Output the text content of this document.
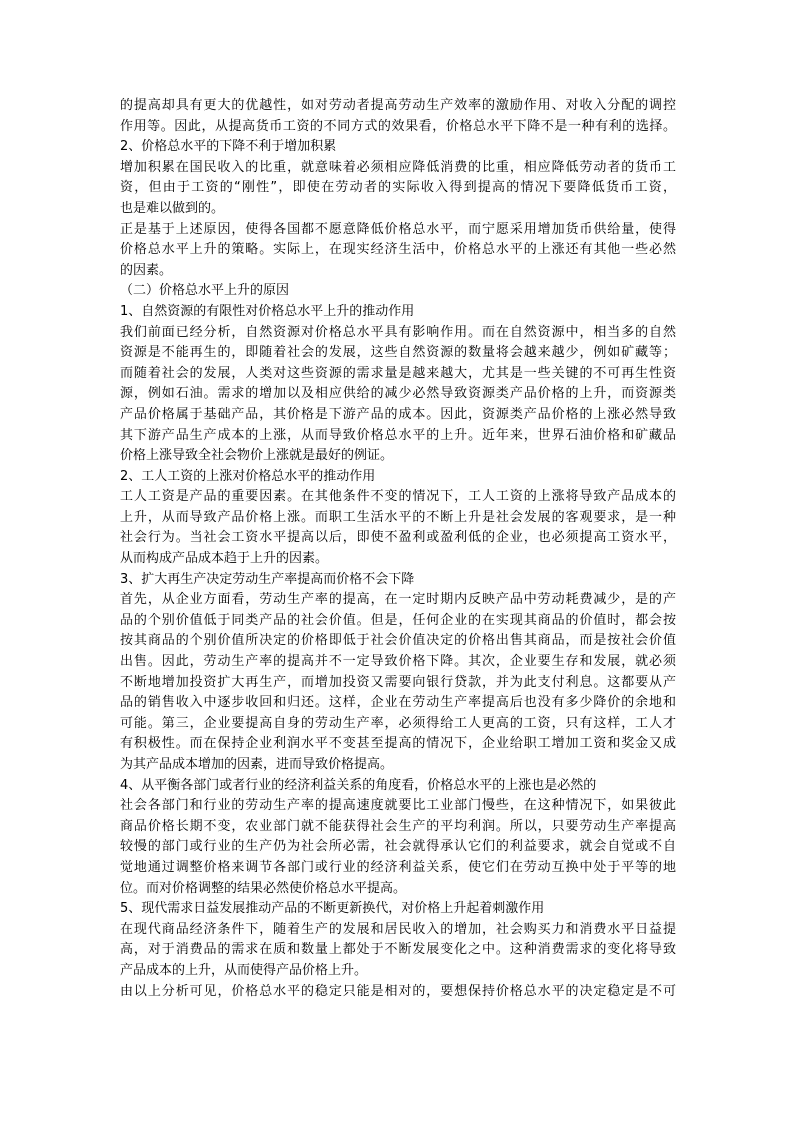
的提高却具有更大的优越性，如对劳动者提高劳动生产效率的激励作用、对收入分配的调控
作用等。因此，从提高货币工资的不同方式的效果看，价格总水平下降不是一种有利的选择。
2、价格总水平的下降不利于增加积累
增加积累在国民收入的比重，就意味着必须相应降低消费的比重，相应降低劳动者的货币工
资，但由于工资的“刚性”，即使在劳动者的实际收入得到提高的情况下要降低货币工资，
也是难以做到的。
正是基于上述原因，使得各国都不愿意降低价格总水平，而宁愿采用增加货币供给量，使得
价格总水平上升的策略。实际上，在现实经济生活中，价格总水平的上涨还有其他一些必然
的因素。
（二）价格总水平上升的原因
1、自然资源的有限性对价格总水平上升的推动作用
我们前面已经分析，自然资源对价格总水平具有影响作用。而在自然资源中，相当多的自然
资源是不能再生的，即随着社会的发展，这些自然资源的数量将会越来越少，例如矿藏等；
而随着社会的发展，人类对这些资源的需求量是越来越大，尤其是一些关键的不可再生性资
源，例如石油。需求的增加以及相应供给的减少必然导致资源类产品价格的上升，而资源类
产品价格属于基础产品，其价格是下游产品的成本。因此，资源类产品价格的上涨必然导致
其下游产品生产成本的上涨，从而导致价格总水平的上升。近年来，世界石油价格和矿藏品
价格上涨导致全社会物价上涨就是最好的例证。
2、工人工资的上涨对价格总水平的推动作用
工人工资是产品的重要因素。在其他条件不变的情况下，工人工资的上涨将导致产品成本的
上升，从而导致产品价格上涨。而职工生活水平的不断上升是社会发展的客观要求，是一种
社会行为。当社会工资水平提高以后，即使不盈利或盈利低的企业，也必须提高工资水平，
从而构成产品成本趋于上升的因素。
3、扩大再生产决定劳动生产率提高而价格不会下降
首先，从企业方面看，劳动生产率的提高，在一定时期内反映产品中劳动耗费减少，是的产
品的个别价值低于同类产品的社会价值。但是，任何企业的在实现其商品的价值时，都会按
按其商品的个别价值所决定的价格即低于社会价值决定的价格出售其商品，而是按社会价值
出售。因此，劳动生产率的提高并不一定导致价格下降。其次，企业要生存和发展，就必须
不断地增加投资扩大再生产，而增加投资又需要向银行贷款，并为此支付利息。这都要从产
品的销售收入中逐步收回和归还。这样，企业在劳动生产率提高后也没有多少降价的余地和
可能。第三，企业要提高自身的劳动生产率，必须得给工人更高的工资，只有这样，工人才
有积极性。而在保持企业利润水平不变甚至提高的情况下，企业给职工增加工资和奖金又成
为其产品成本增加的因素，进而导致价格提高。
4、从平衡各部门或者行业的经济利益关系的角度看，价格总水平的上涨也是必然的
社会各部门和行业的劳动生产率的提高速度就要比工业部门慢些，在这种情况下，如果彼此
商品价格长期不变，农业部门就不能获得社会生产的平均利润。所以，只要劳动生产率提高
较慢的部门或行业的生产仍为社会所必需，社会就得承认它们的利益要求，就会自觉或不自
觉地通过调整价格来调节各部门或行业的经济利益关系，使它们在劳动互换中处于平等的地
位。而对价格调整的结果必然使价格总水平提高。
5、现代需求日益发展推动产品的不断更新换代，对价格上升起着刺激作用
在现代商品经济条件下，随着生产的发展和居民收入的增加，社会购买力和消费水平日益提
高，对于消费品的需求在质和数量上都处于不断发展变化之中。这种消费需求的变化将导致
产品成本的上升，从而使得产品价格上升。
由以上分析可见，价格总水平的稳定只能是相对的，要想保持价格总水平的决定稳定是不可
